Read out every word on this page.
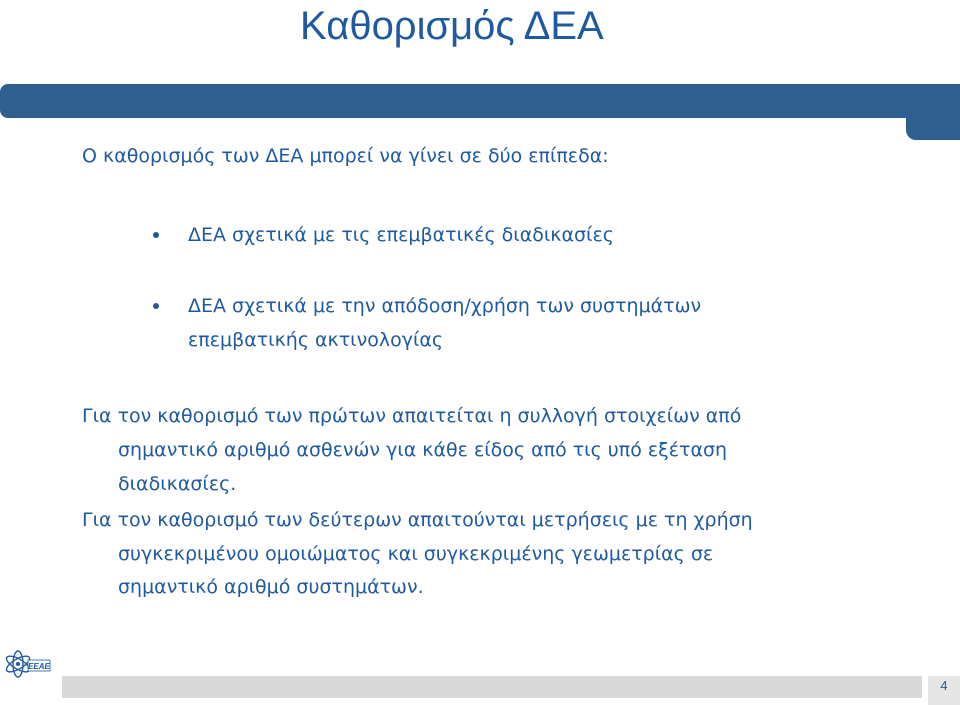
Καθορισμός ΔΕΑ
Ο καθορισμός των ΔΕΑ μπορεί να γίνει σε δύο επίπεδα:
ΔΕΑ σχετικά με τις επεμβατικές διαδικασίες
ΔΕΑ σχετικά με την απόδοση/χρήση των συστημάτων
επεμβατικής ακτινολογίας
Για τον καθορισμό των πρώτων απαιτείται η συλλογή στοιχείων από
σημαντικό αριθμό ασθενών για κάθε είδος από τις υπό εξέταση
διαδικασίες.
Για τον καθορισμό των δεύτερων απαιτούνται μετρήσεις με τη χρήση
συγκεκριμένου ομοιώματος και συγκεκριμένης γεωμετρίας σε
σημαντικό αριθμό συστημάτων.
ΕΕΑΕ
4
